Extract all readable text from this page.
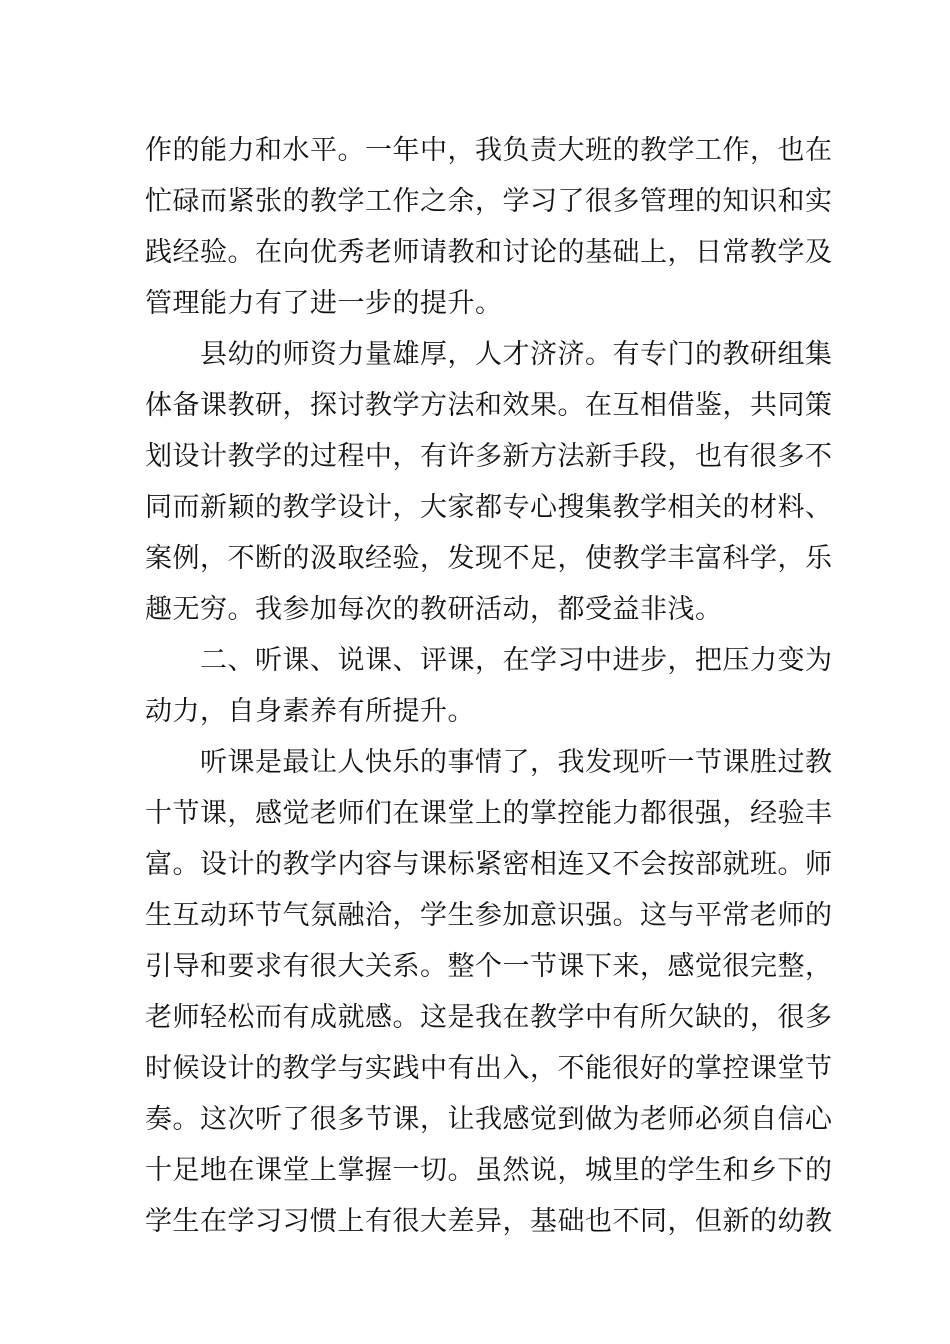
作的能力和水平。一年中，我负责大班的教学工作，也在
忙碌而紧张的教学工作之余，学习了很多管理的知识和实
践经验。在向优秀老师请教和讨论的基础上，日常教学及
管理能力有了进一步的提升。
县幼的师资力量雄厚，人才济济。有专门的教研组集
体备课教研，探讨教学方法和效果。在互相借鉴，共同策
划设计教学的过程中，有许多新方法新手段，也有很多不
同而新颖的教学设计，大家都专心搜集教学相关的材料、
案例，不断的汲取经验，发现不足，使教学丰富科学，乐
趣无穷。我参加每次的教研活动，都受益非浅。
二、听课、说课、评课，在学习中进步，把压力变为
动力，自身素养有所提升。
听课是最让人快乐的事情了，我发现听一节课胜过教
十节课，感觉老师们在课堂上的掌控能力都很强，经验丰
富。设计的教学内容与课标紧密相连又不会按部就班。师
生互动环节气氛融洽，学生参加意识强。这与平常老师的
引导和要求有很大关系。整个一节课下来，感觉很完整，
老师轻松而有成就感。这是我在教学中有所欠缺的，很多
时候设计的教学与实践中有出入，不能很好的掌控课堂节
奏。这次听了很多节课，让我感觉到做为老师必须自信心
十足地在课堂上掌握一切。虽然说，城里的学生和乡下的
学生在学习习惯上有很大差异，基础也不同，但新的幼教
